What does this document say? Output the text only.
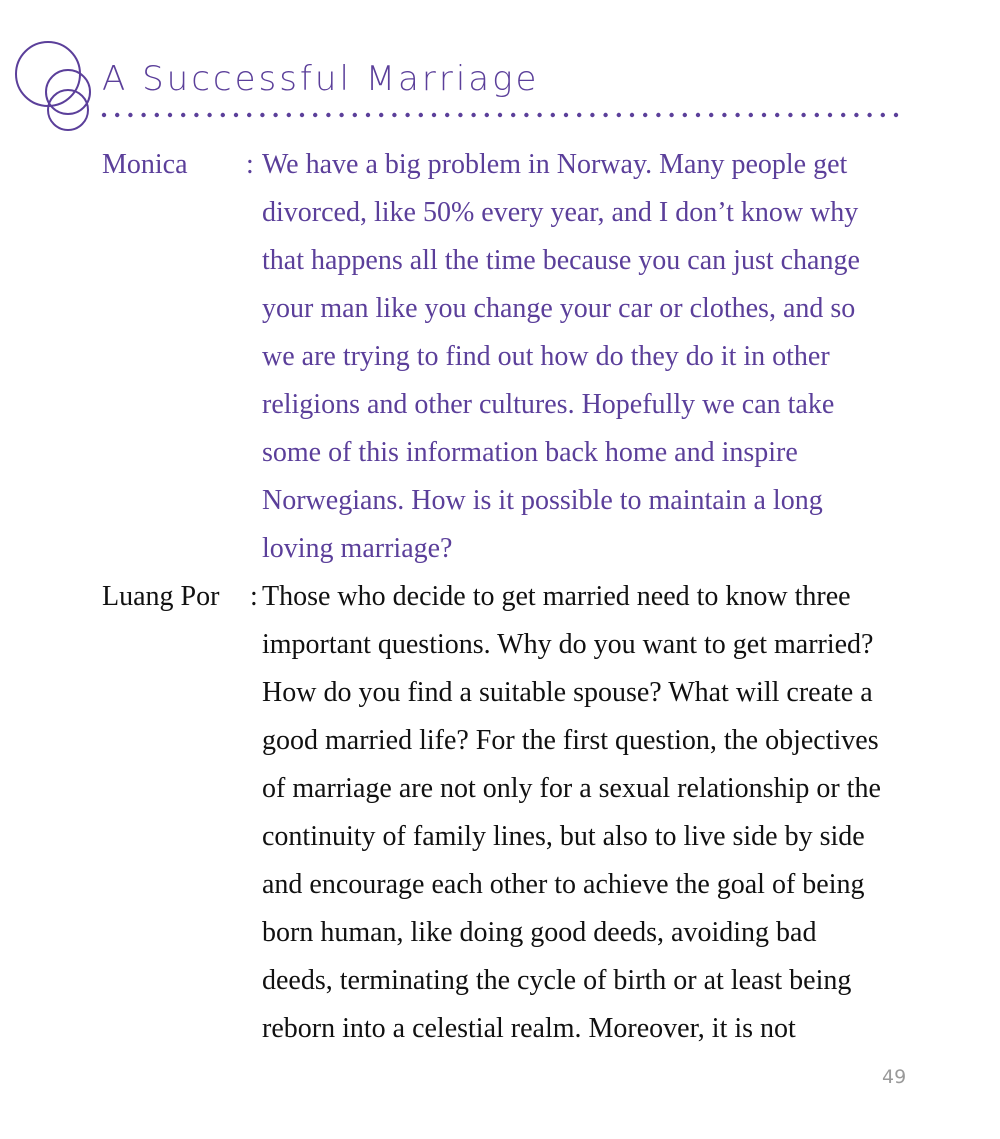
A Successful Marriage
Monica : We have a big problem in Norway. Many people get
divorced, like 50% every year, and I don’t know why
that happens all the time because you can just change
your man like you change your car or clothes, and so
we are trying to find out how do they do it in other
religions and other cultures. Hopefully we can take
some of this information back home and inspire
Norwegians. How is it possible to maintain a long
loving marriage?
Luang Por : Those who decide to get married need to know three
important questions. Why do you want to get married?
How do you find a suitable spouse? What will create a
good married life? For the first question, the objectives
of marriage are not only for a sexual relationship or the
continuity of family lines, but also to live side by side
and encourage each other to achieve the goal of being
born human, like doing good deeds, avoiding bad
deeds, terminating the cycle of birth or at least being
reborn into a celestial realm. Moreover, it is not
49
